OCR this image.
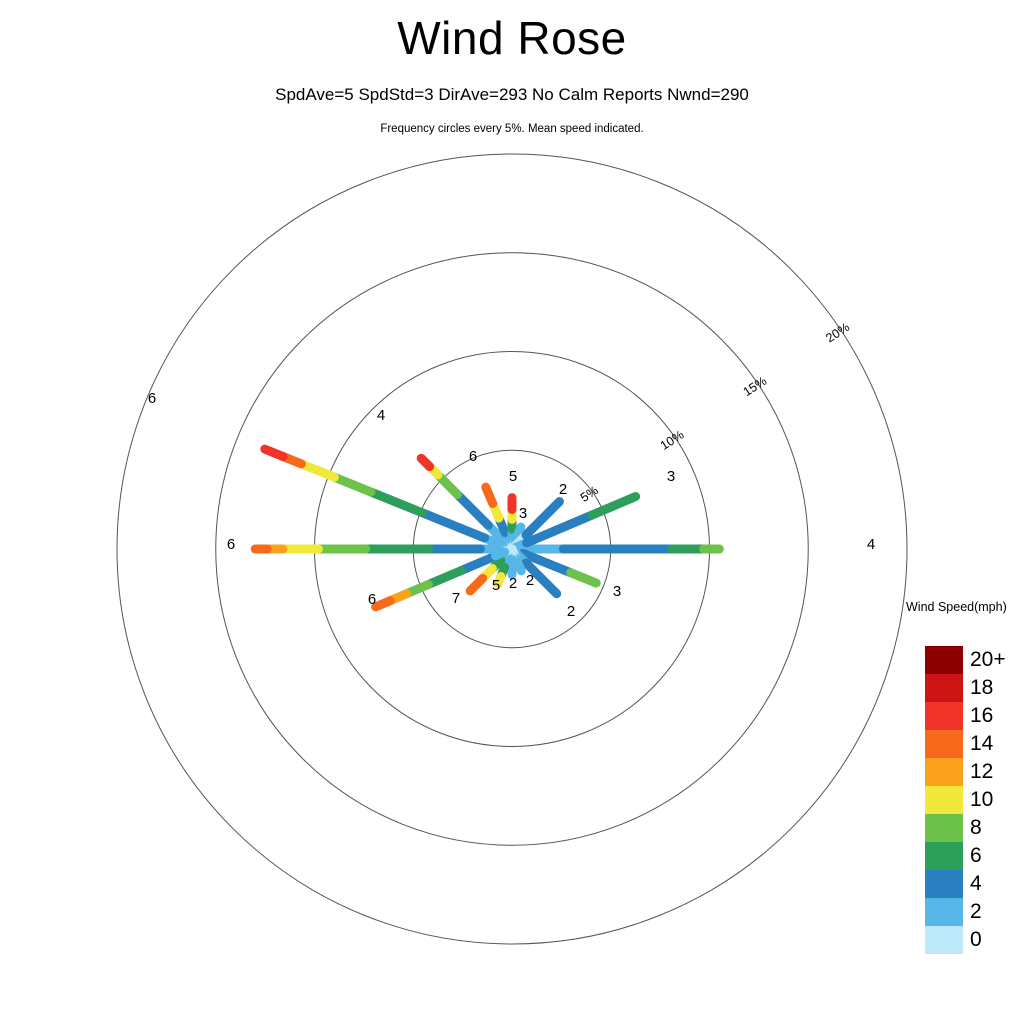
Wind Rose
SpdAve=5 SpdStd=3 DirAve=293 No Calm Reports Nwnd=290
Frequency circles every 5%. Mean speed indicated.
5%
10%
15%
20%
6
4
6
5	3
2
3
6	4
6	7
5 2 2
3
2	Wind Speed(mph)
20+
18
16
14
12
10
8
6
4
2
0
